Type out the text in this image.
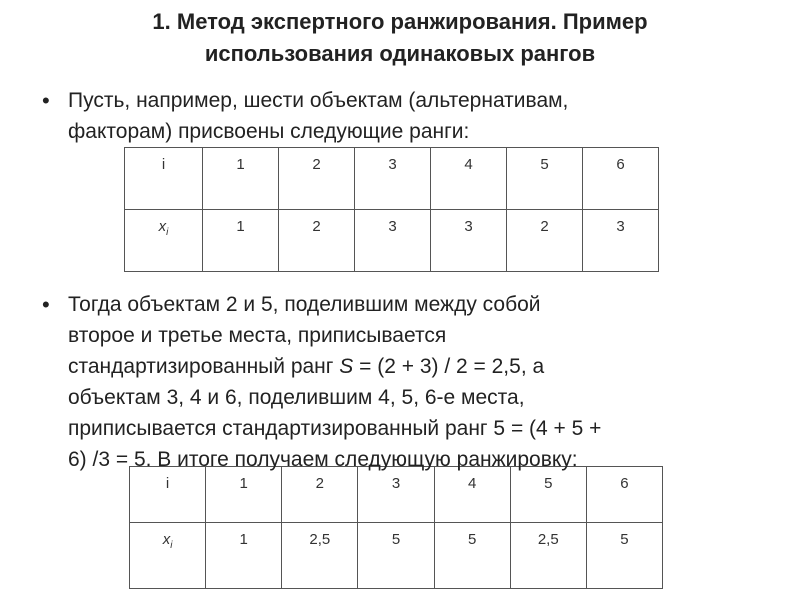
1. Метод экспертного ранжирования. Пример
использования одинаковых рангов
• Пусть, например, шести объектам (альтернативам,
факторам) присвоены следующие ранги:
i	1	2	3	4	5	6
$x_i$	1	2	3	3	2	3
i	1	2	3	4	5	6
$x_i$	1	2,5	5	5	2,5	5
• Тогда объектам 2 и 5, поделившим между собой
второе и третье места, приписывается
стандартизированный ранг S = (2 + 3) / 2 = 2,5, а
объектам 3, 4 и 6, поделившим 4, 5, 6-е места,
приписывается стандартизированный ранг 5 = (4 + 5 +
6) /3 = 5. В итоге получаем следующую ранжировку:
